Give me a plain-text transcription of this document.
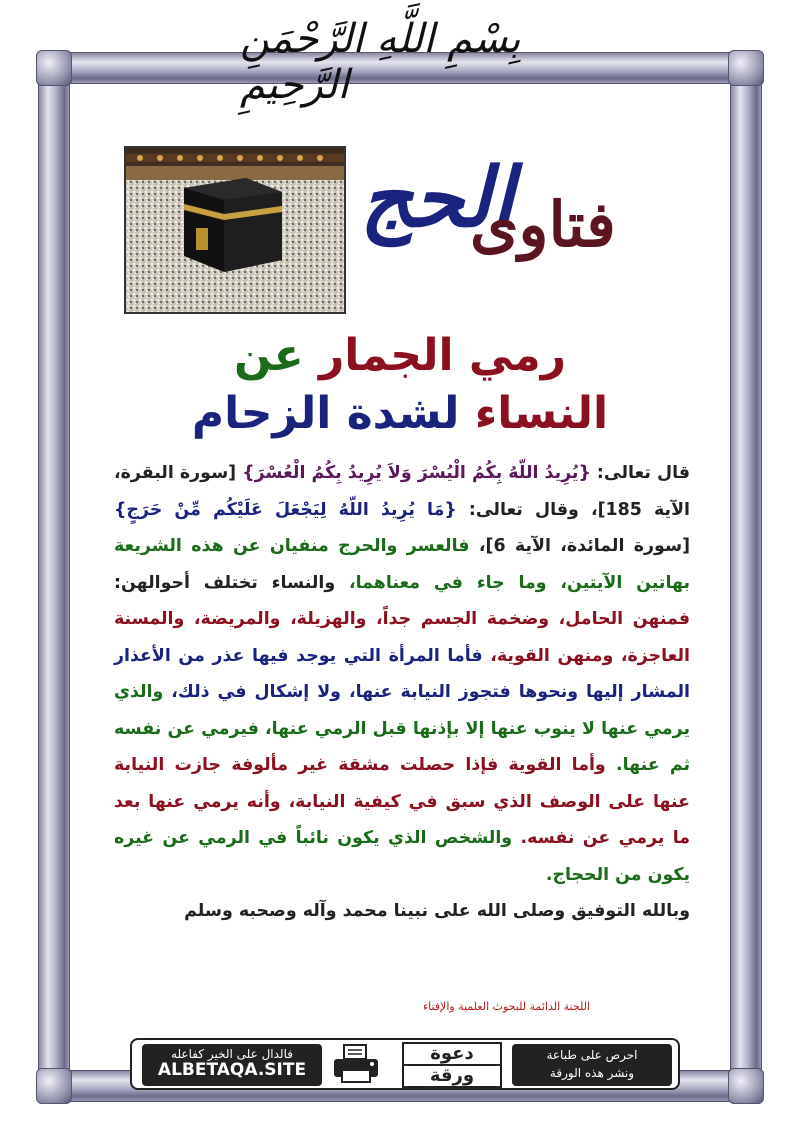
بِسْمِ اللَّهِ الرَّحْمَنِ الرَّحِيمِ
الحج
فتاوى
رمي الجمار عن
النساء لشدة الزحام

قال تعالى: {يُرِيدُ اللّهُ بِكُمُ الْيُسْرَ وَلاَ يُرِيدُ بِكُمُ الْعُسْرَ} [سورة البقرة، الآية 185]، وقال تعالى: {مَا يُرِيدُ اللّهُ لِيَجْعَلَ عَلَيْكُم مِّنْ حَرَجٍ} [سورة المائدة، الآية 6]، فالعسر والحرج منفيان عن هذه الشريعة بهاتين الآيتين، وما جاء في معناهما، والنساء تختلف أحوالهن: فمنهن الحامل، وضخمة الجسم جداً، والهزيلة، والمريضة، والمسنة العاجزة، ومنهن القوية، فأما المرأة التي يوجد فيها عذر من الأعذار المشار إليها ونحوها فتجوز النيابة عنها، ولا إشكال في ذلك، والذي يرمي عنها لا ينوب عنها إلا بإذنها قبل الرمي عنها، فيرمي عن نفسه ثم عنها. وأما القوية فإذا حصلت مشقة غير مألوفة جازت النيابة عنها على الوصف الذي سبق في كيفية النيابة، وأنه يرمي عنها بعد ما يرمي عن نفسه. والشخص الذي يكون نائباً في الرمي عن غيره يكون من الحجاج.

وبالله التوفيق وصلى الله على نبينا محمد وآله وصحبه وسلم

اللجنة الدائمة للبحوث العلمية والإفتاء
فالدال على الخير كفاعله
ALBETAQA.SITE
دعوة
ورقة
احرص على طباعة
ونشر هذه الورقة
